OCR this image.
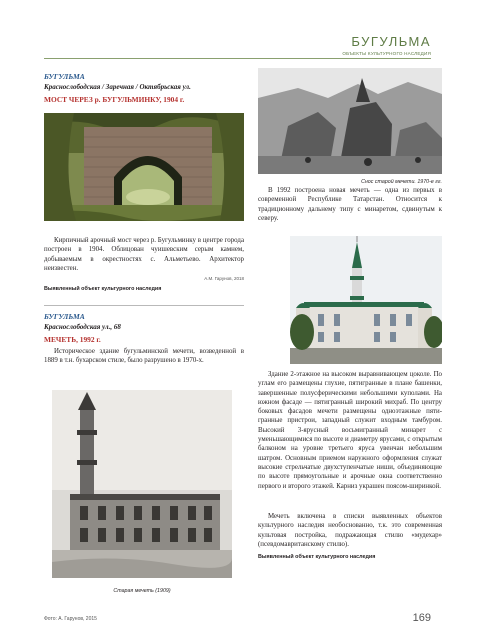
БУГУЛЬМА
ОБЪЕКТЫ КУЛЬТУРНОГО НАСЛЕДИЯ
БУГУЛЬМА
Краснослободская / Заречная / Октябрьская ул.
МОСТ ЧЕРЕЗ р. БУГУЛЬМИНКУ, 1904 г.
Кирпичный арочный мост через р. Бугульминку в центре города построен в 1904. Облицован чуишевским серым камнем, добываемым в окрестностях с. Альметьево. Архитектор неизвестен.
А.М. Гарунов, 2018
Выявленный объект культурного наследия
Снос старой мечети. 1970-е гг.
В 1992 построена новая мечеть — одна из первых в современной Республике Татарстан. Относится к традиционному дальнему типу с минаретом, сдвинутым к северу.
БУГУЛЬМА
Краснослободская ул., 68
МЕЧЕТЬ, 1992 г.
Историческое здание бугульминской мечети, возведенной в 1889 в т.н. бухарском стиле, было разрушено в 1970-х.
Старая мечеть (1909)
Здание 2-этажное на высоком выравнивающем цоколе. По углам его размещены глухие, пятигранные в плане башенки, завершенные полусферическими небольшими куполами. На южном фасаде — пятигранный широкий михраб. По центру боковых фасадов мечети размещены одноэтажные пятигранные пристрои, западный служит входным тамбуром. Высокий 3-ярусный восьмигранный минарет с уменьшающимися по высоте и диаметру ярусами, с открытым балконом на уровне третьего яруса увенчан небольшим шатром. Основным приемом наружного оформления служат высокие стрельчатые двухступенчатые ниши, объединяющие по высоте прямоугольные и арочные окна соответственно первого и второго этажей. Карниз украшен поясом-ширинкой.
Мечеть включена в списки выявленных объектов культурного наследия необоснованно, т.к. это современная культовая постройка, подражающая стилю «мудехар» (псевдомавританскому стилю).
Выявленный объект культурного наследия
Фото: А. Гарунов, 2015	169
